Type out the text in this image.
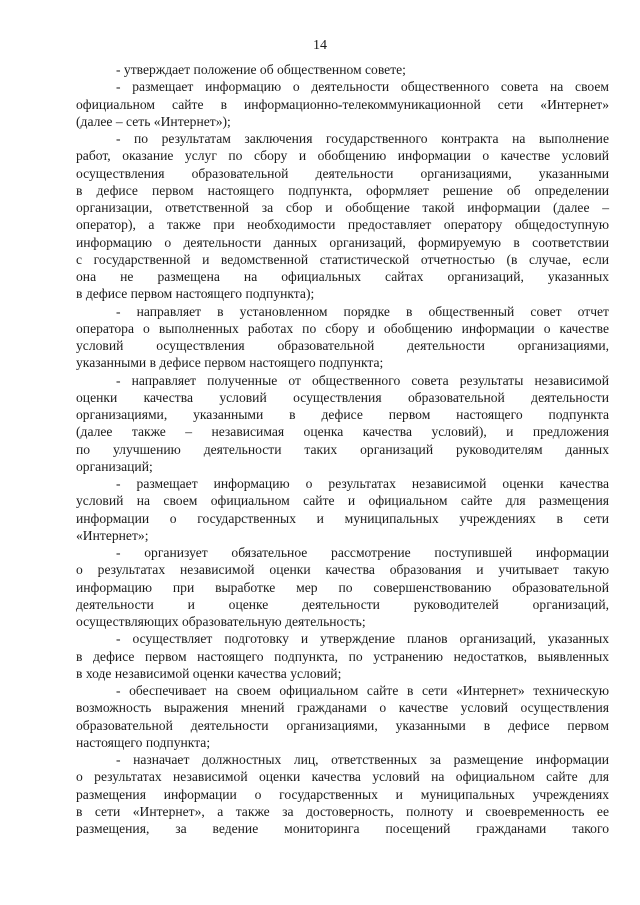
14
- утверждает положение об общественном совете;
- размещает информацию о деятельности общественного совета на своем
официальном сайте в информационно-телекоммуникационной сети «Интернет»
(далее – сеть «Интернет»);
- по результатам заключения государственного контракта на выполнение
работ, оказание услуг по сбору и обобщению информации о качестве условий
осуществления образовательной деятельности организациями, указанными
в дефисе первом настоящего подпункта, оформляет решение об определении
организации, ответственной за сбор и обобщение такой информации (далее –
оператор), а также при необходимости предоставляет оператору общедоступную
информацию о деятельности данных организаций, формируемую в соответствии
с государственной и ведомственной статистической отчетностью (в случае, если
она не размещена на официальных сайтах организаций, указанных
в дефисе первом настоящего подпункта);
- направляет в установленном порядке в общественный совет отчет
оператора о выполненных работах по сбору и обобщению информации о качестве
условий осуществления образовательной деятельности организациями,
указанными в дефисе первом настоящего подпункта;
- направляет полученные от общественного совета результаты независимой
оценки качества условий осуществления образовательной деятельности
организациями, указанными в дефисе первом настоящего подпункта
(далее также – независимая оценка качества условий), и предложения
по улучшению деятельности таких организаций руководителям данных
организаций;
- размещает информацию о результатах независимой оценки качества
условий на своем официальном сайте и официальном сайте для размещения
информации о государственных и муниципальных учреждениях в сети
«Интернет»;
- организует обязательное рассмотрение поступившей информации
о результатах независимой оценки качества образования и учитывает такую
информацию при выработке мер по совершенствованию образовательной
деятельности и оценке деятельности руководителей организаций,
осуществляющих образовательную деятельность;
- осуществляет подготовку и утверждение планов организаций, указанных
в дефисе первом настоящего подпункта, по устранению недостатков, выявленных
в ходе независимой оценки качества условий;
- обеспечивает на своем официальном сайте в сети «Интернет» техническую
возможность выражения мнений гражданами о качестве условий осуществления
образовательной деятельности организациями, указанными в дефисе первом
настоящего подпункта;
- назначает должностных лиц, ответственных за размещение информации
о результатах независимой оценки качества условий на официальном сайте для
размещения информации о государственных и муниципальных учреждениях
в сети «Интернет», а также за достоверность, полноту и своевременность ее
размещения, за ведение мониторинга посещений гражданами такого
